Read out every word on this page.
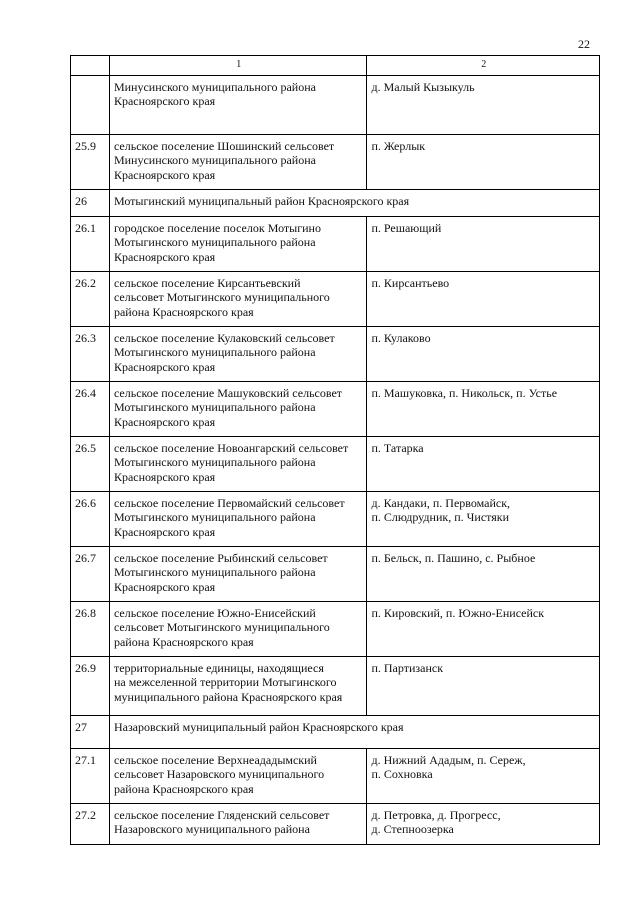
22
	1	2
	Минусинского муниципального района
Красноярского края	д. Малый Кызыкуль
25.9	сельское поселение Шошинский сельсовет
Минусинского муниципального района
Красноярского края	п. Жерлык
26	Мотыгинский муниципальный район Красноярского края	
26.1	городское поселение поселок Мотыгино
Мотыгинского муниципального района
Красноярского края	п. Решающий
26.2	сельское поселение Кирсантьевский
сельсовет Мотыгинского муниципального
района Красноярского края	п. Кирсантьево
26.3	сельское поселение Кулаковский сельсовет
Мотыгинского муниципального района
Красноярского края	п. Кулаково
26.4	сельское поселение Машуковский сельсовет
Мотыгинского муниципального района
Красноярского края	п. Машуковка, п. Никольск, п. Устье
26.5	сельское поселение Новоангарский сельсовет
Мотыгинского муниципального района
Красноярского края	п. Татарка
26.6	сельское поселение Первомайский сельсовет
Мотыгинского муниципального района
Красноярского края	д. Кандаки, п. Первомайск,
п. Слюдрудник, п. Чистяки
26.7	сельское поселение Рыбинский сельсовет
Мотыгинского муниципального района
Красноярского края	п. Бельск, п. Пашино, с. Рыбное
26.8	сельское поселение Южно-Енисейский
сельсовет Мотыгинского муниципального
района Красноярского края	п. Кировский, п. Южно-Енисейск
26.9	территориальные единицы, находящиеся
на межселенной территории Мотыгинского
муниципального района Красноярского края	п. Партизанск
27	Назаровский муниципальный район Красноярского края	
27.1	сельское поселение Верхнеададымский
сельсовет Назаровского муниципального
района Красноярского края	д. Нижний Ададым, п. Сереж,
п. Сохновка
27.2	сельское поселение Гляденский сельсовет
Назаровского муниципального района	д. Петровка, д. Прогресс,
д. Степноозерка
